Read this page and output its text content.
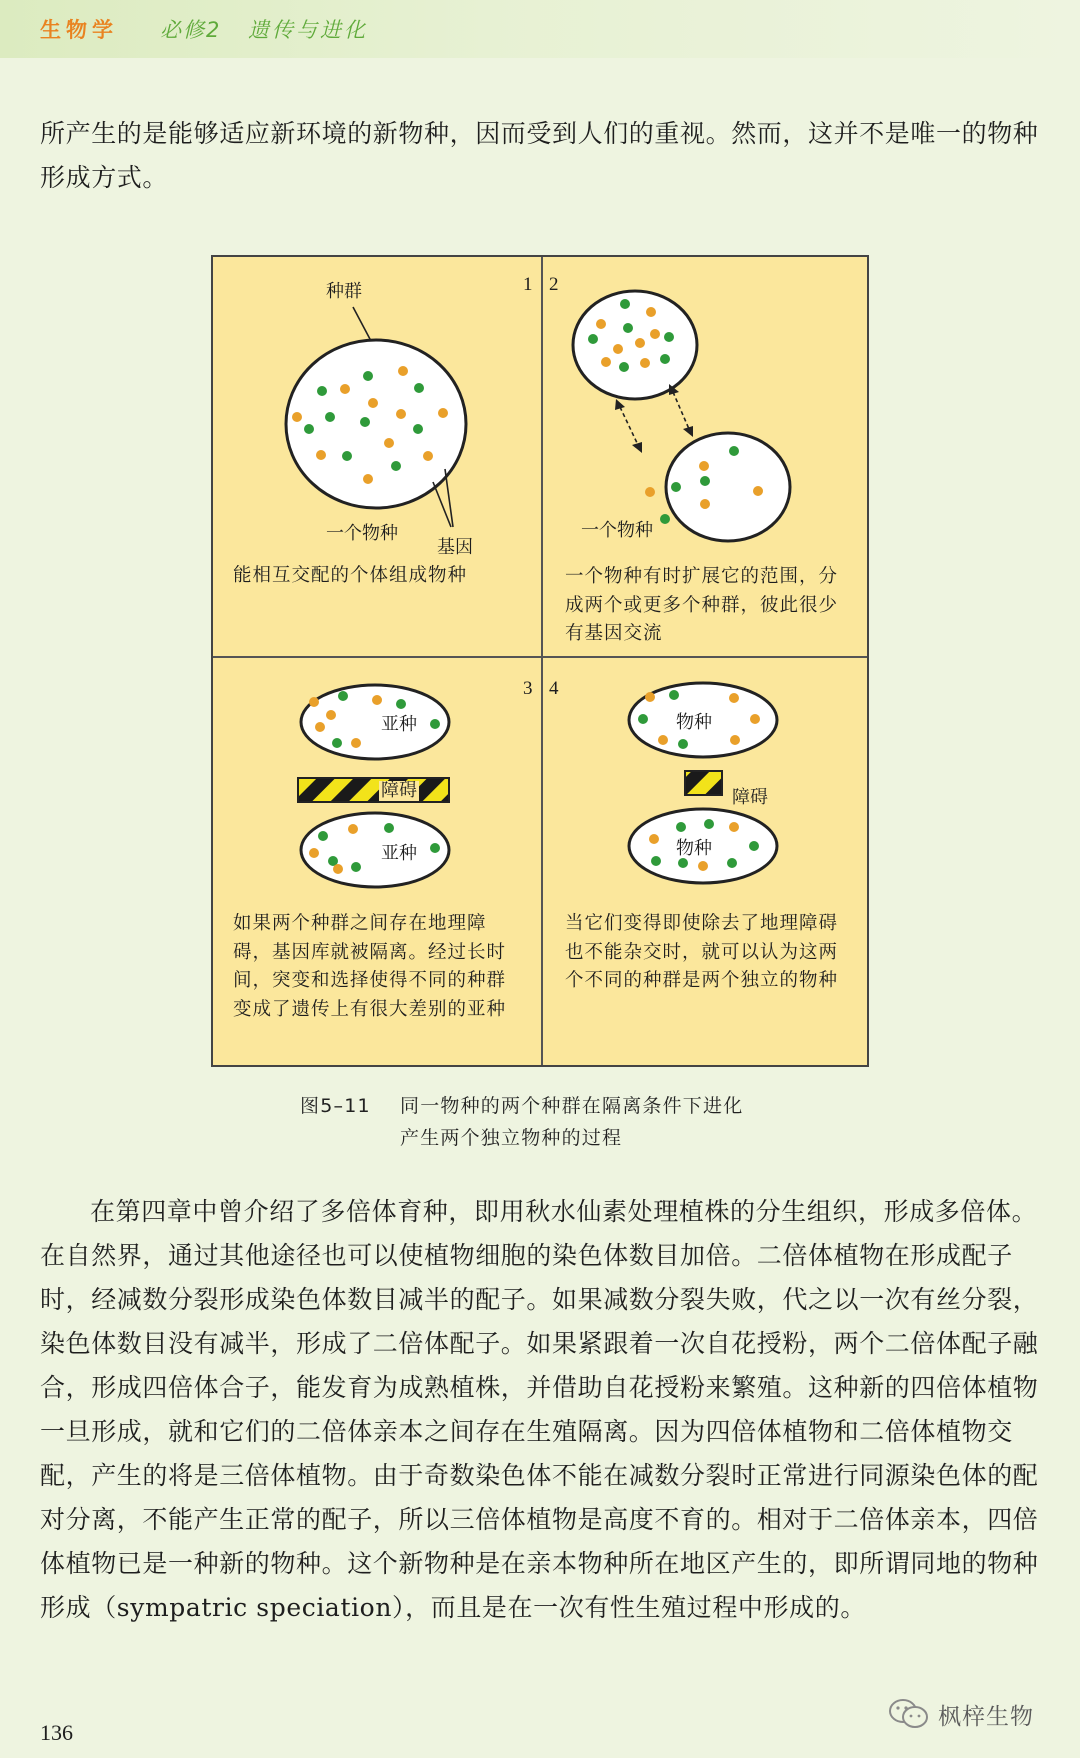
生物学 必修2 遗传与进化

所产生的是能够适应新环境的新物种，因而受到人们的重视。然而，这并不是唯一的物种形成方式。

1
种群
一个物种
基因

能相互交配的个体组成物种

2
一个物种

一个物种有时扩展它的范围，分成两个或更多个种群，彼此很少有基因交流

3
亚种
障碍
亚种

如果两个种群之间存在地理障碍，基因库就被隔离。经过长时间，突变和选择使得不同的种群变成了遗传上有很大差别的亚种

4
物种
障碍
物种

当它们变得即使除去了地理障碍也不能杂交时，就可以认为这两个不同的种群是两个独立的物种

图5–11 同一物种的两个种群在隔离条件下进化
产生两个独立物种的过程

在第四章中曾介绍了多倍体育种，即用秋水仙素处理植株的分生组织，形成多倍体。在自然界，通过其他途径也可以使植物细胞的染色体数目加倍。二倍体植物在形成配子时，经减数分裂形成染色体数目减半的配子。如果减数分裂失败，代之以一次有丝分裂，染色体数目没有减半，形成了二倍体配子。如果紧跟着一次自花授粉，两个二倍体配子融合，形成四倍体合子，能发育为成熟植株，并借助自花授粉来繁殖。这种新的四倍体植物一旦形成，就和它们的二倍体亲本之间存在生殖隔离。因为四倍体植物和二倍体植物交配，产生的将是三倍体植物。由于奇数染色体不能在减数分裂时正常进行同源染色体的配对分离，不能产生正常的配子，所以三倍体植物是高度不育的。相对于二倍体亲本，四倍体植物已是一种新的物种。这个新物种是在亲本物种所在地区产生的，即所谓同地的物种形成（sympatric speciation），而且是在一次有性生殖过程中形成的。

136
枫梓生物
